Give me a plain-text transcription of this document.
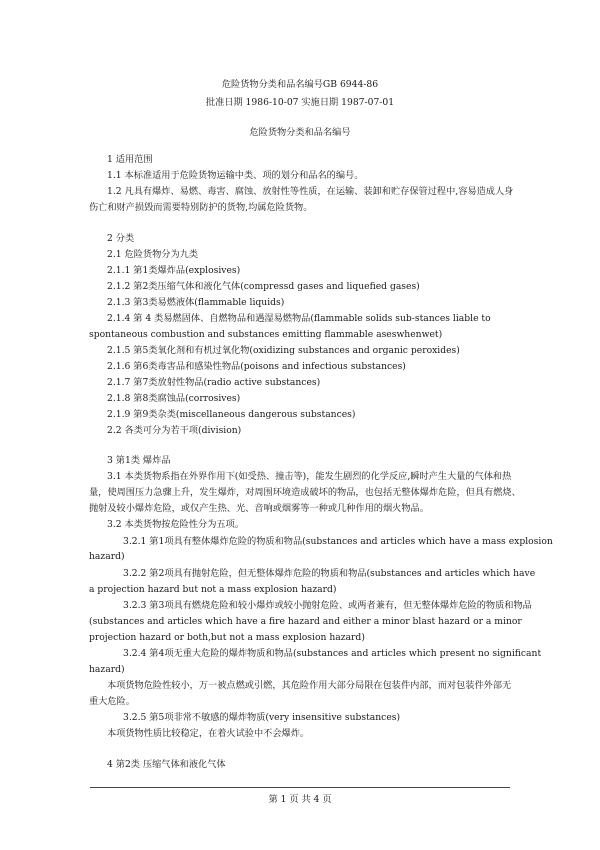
危险货物分类和品名编号GB 6944-86
批准日期 1986-10-07 实施日期 1987-07-01
危险货物分类和品名编号
1 适用范围
1.1 本标准适用于危险货物运输中类、项的划分和品名的编号。
1.2 凡具有爆炸、易燃、毒害、腐蚀、放射性等性质，在运输、装卸和贮存保管过程中,容易造成人身
伤亡和财产损毁而需要特别防护的货物,均属危险货物。
2 分类
2.1 危险货物分为九类
2.1.1 第1类爆炸品(explosives)
2.1.2 第2类压缩气体和液化气体(compressd gases and liquefied gases)
2.1.3 第3类易燃液体(flammable liquids)
2.1.4 第 4 类易燃固体、自燃物品和遇湿易燃物品(flammable solids sub-stances liable to
spontaneous combustion and substances emitting flammable aseswhenwet)
2.1.5 第5类氧化剂和有机过氧化物(oxidizing substances and organic peroxides)
2.1.6 第6类毒害品和感染性物品(poisons and infectious substances)
2.1.7 第7类放射性物品(radio active substances)
2.1.8 第8类腐蚀品(corrosives)
2.1.9 第9类杂类(miscellaneous dangerous substances)
2.2 各类可分为若干项(division)
3 第1类 爆炸品
3.1 本类货物系指在外界作用下(如受热、撞击等)，能发生剧烈的化学反应,瞬时产生大量的气体和热
量，使周围压力急骤上升，发生爆炸，对周围环境造成破坏的物品，也包括无整体爆炸危险，但具有燃烧、
抛射及较小爆炸危险，或仅产生热、光、音响或烟雾等一种或几种作用的烟火物品。
3.2 本类货物按危险性分为五项。
3.2.1 第1项具有整体爆炸危险的物质和物品(substances and articles which have a mass explosion
hazard)
3.2.2 第2项具有抛射危险，但无整体爆炸危险的物质和物品(substances and articles which have
a projection hazard but not a mass explosion hazard)
3.2.3 第3项具有燃烧危险和较小爆炸或较小抛射危险、或两者兼有，但无整体爆炸危险的物质和物品
(substances and articles which have a fire hazard and either a minor blast hazard or a minor
projection hazard or both,but not a mass explosion hazard)
3.2.4 第4项无重大危险的爆炸物质和物品(substances and articles which present no significant
hazard)
本项货物危险性较小，万一被点燃或引燃，其危险作用大部分局限在包装件内部，而对包装件外部无
重大危险。
3.2.5 第5项非常不敏感的爆炸物质(very insensitive substances)
本项货物性质比较稳定，在着火试验中不会爆炸。
4 第2类 压缩气体和液化气体
第 1 页 共 4 页
